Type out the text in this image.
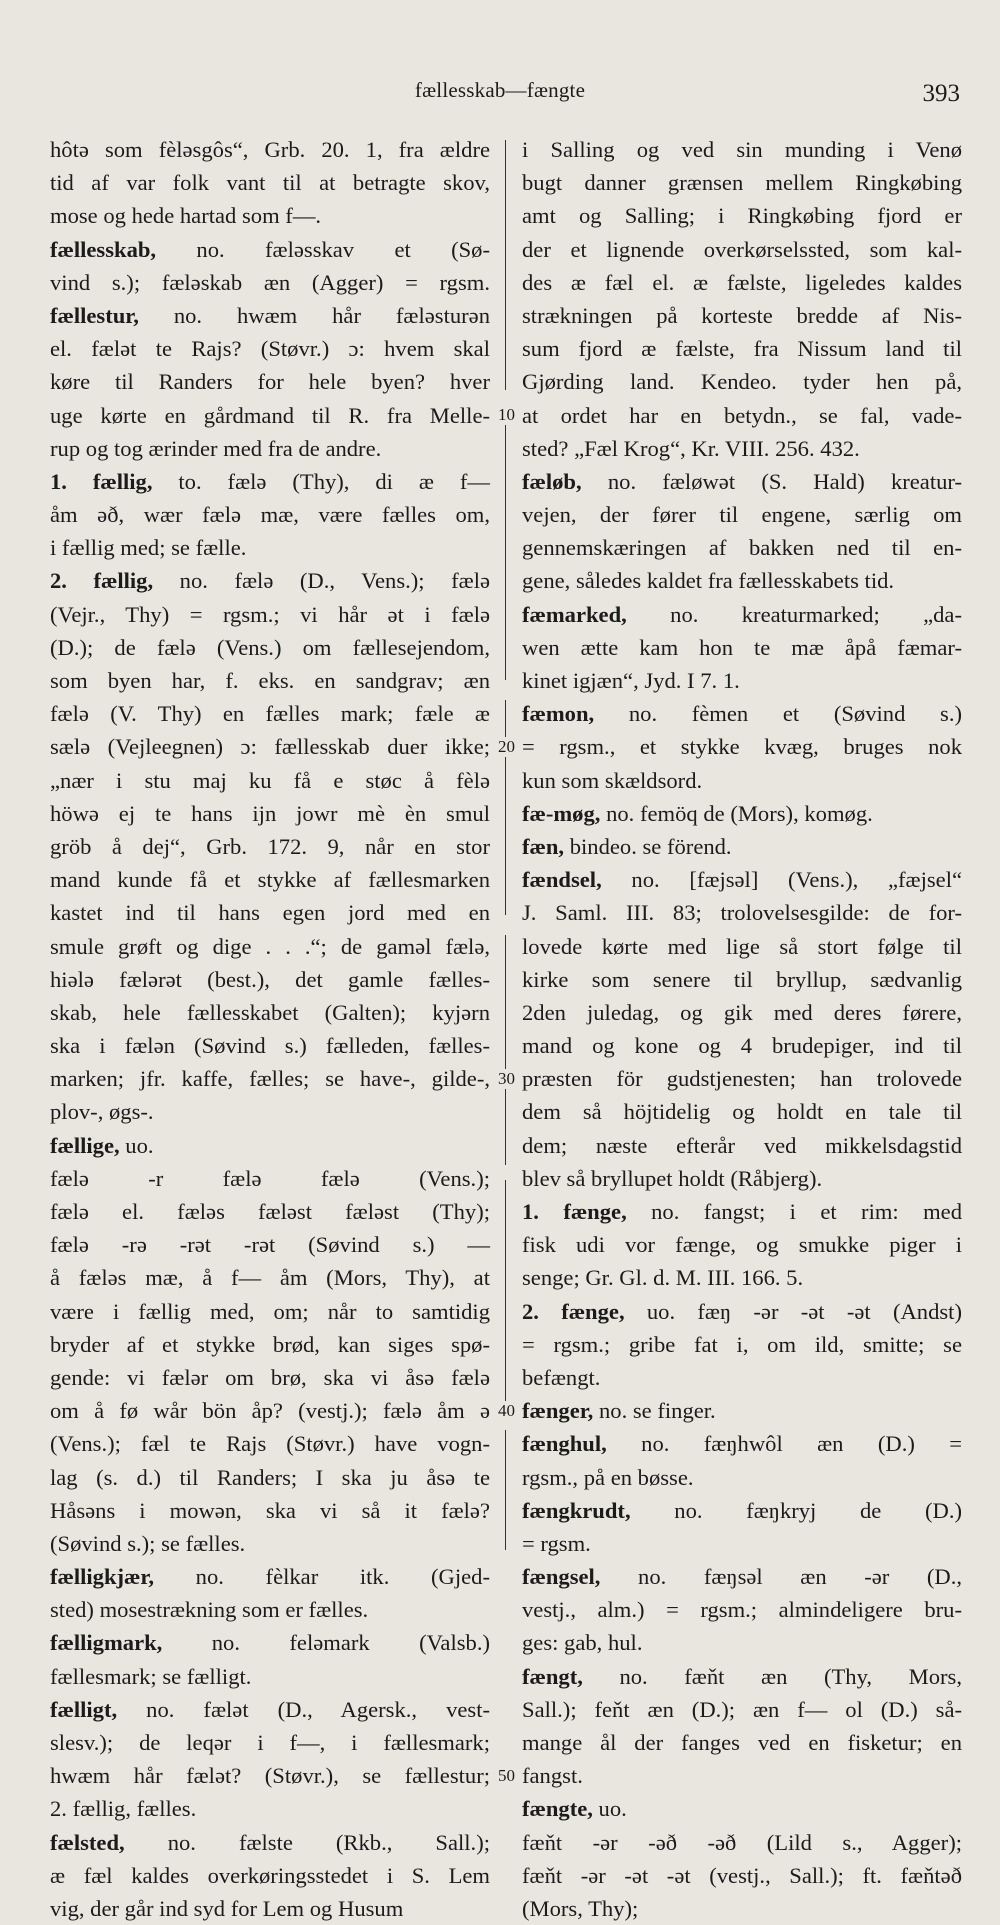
fællesskab—fængte	393
hôtə som fèləsgôs“, Grb. 20. 1, fra ældre
tid af var folk vant til at betragte skov,
mose og hede hartad som f—.
fællesskab, no. fæləsskav et (Sø-
vind s.); fæləskab æn (Agger) = rgsm.
fællestur, no. hwæm hår fæləsturən
el. fælət te Rajs? (Støvr.) ɔ: hvem skal
køre til Randers for hele byen? hver
uge kørte en gårdmand til R. fra Melle-
rup og tog ærinder med fra de andre.
1. fællig, to. fælə (Thy), di æ f—
åm əð, wær fælə mæ, være fælles om,
i fællig med; se fælle.
2. fællig, no. fælə (D., Vens.); fælə
(Vejr., Thy) = rgsm.; vi hår ət i fælə
(D.); de fælə (Vens.) om fællesejendom,
som byen har, f. eks. en sandgrav; æn
fælə (V. Thy) en fælles mark; fæle æ
sælə (Vejleegnen) ɔ: fællesskab duer ikke;
„nær i stu maj ku få e støc å fèlə
höwə ej te hans ijn jowr mè èn smul
gröb å dej“, Grb. 172. 9, når en stor
mand kunde få et stykke af fællesmarken
kastet ind til hans egen jord med en
smule grøft og dige . . .“; de gaməl fælə,
hiələ fælərət (best.), det gamle fælles-
skab, hele fællesskabet (Galten); kyjərn
ska i fælən (Søvind s.) fælleden, fælles-
marken; jfr. kaffe, fælles; se have-, gilde-,
plov-, øgs-.
fællige, uo.
fælə -r fælə fælə (Vens.);
fælə el. fæləs fæləst fæləst (Thy);
fælə -rə -rət -rət (Søvind s.) —
å fæləs mæ, å f— åm (Mors, Thy), at
være i fællig med, om; når to samtidig
bryder af et stykke brød, kan siges spø-
gende: vi fælər om brø, ska vi åsə fælə
om å fø wår bön åp? (vestj.); fælə åm ə
(Vens.); fæl te Rajs (Støvr.) have vogn-
lag (s. d.) til Randers; I ska ju åsə te
Håsəns i mowən, ska vi så it fælə?
(Søvind s.); se fælles.
fælligkjær, no. fèlkar itk. (Gjed-
sted) mosestrækning som er fælles.
fælligmark, no. feləmark (Valsb.)
fællesmark; se fælligt.
fælligt, no. fælət (D., Agersk., vest-
slesv.); de leqər i f—, i fællesmark;
hwæm hår fælət? (Støvr.), se fællestur;
2. fællig, fælles.
fælsted, no. fælste (Rkb., Sall.);
æ fæl kaldes overkøringsstedet i S. Lem
vig, der går ind syd for Lem og Husum
i Salling og ved sin munding i Venø
bugt danner grænsen mellem Ringkøbing
amt og Salling; i Ringkøbing fjord er
der et lignende overkørselssted, som kal-
des æ fæl el. æ fælste, ligeledes kaldes
strækningen på korteste bredde af Nis-
sum fjord æ fælste, fra Nissum land til
Gjørding land. Kendeo. tyder hen på,
at ordet har en betydn., se fal, vade-
sted? „Fæl Krog“, Kr. VIII. 256. 432.
fæløb, no. fæløwət (S. Hald) kreatur-
vejen, der fører til engene, særlig om
gennemskæringen af bakken ned til en-
gene, således kaldet fra fællesskabets tid.
fæmarked, no. kreaturmarked; „da-
wen ætte kam hon te mæ åpå fæmar-
kinet igjæn“, Jyd. I 7. 1.
fæmon, no. fèmen et (Søvind s.)
= rgsm., et stykke kvæg, bruges nok
kun som skældsord.
fæ-møg, no. femöq de (Mors), komøg.
fæn, bindeo. se förend.
fændsel, no. [fæjsəl] (Vens.), „fæjsel“
J. Saml. III. 83; trolovelsesgilde: de for-
lovede kørte med lige så stort følge til
kirke som senere til bryllup, sædvanlig
2den juledag, og gik med deres førere,
mand og kone og 4 brudepiger, ind til
præsten för gudstjenesten; han trolovede
dem så höjtidelig og holdt en tale til
dem; næste efterår ved mikkelsdagstid
blev så bryllupet holdt (Råbjerg).
1. fænge, no. fangst; i et rim: med
fisk udi vor fænge, og smukke piger i
senge; Gr. Gl. d. M. III. 166. 5.
2. fænge, uo. fæŋ -ər -ət -ət (Andst)
= rgsm.; gribe fat i, om ild, smitte; se
befængt.
fænger, no. se finger.
fænghul, no. fæŋhwôl æn (D.) =
rgsm., på en bøsse.
fængkrudt, no. fæŋkryj de (D.)
= rgsm.
fængsel, no. fæŋsəl æn -ər (D.,
vestj., alm.) = rgsm.; almindeligere bru-
ges: gab, hul.
fængt, no. fæňt æn (Thy, Mors,
Sall.); feňt æn (D.); æn f— ol (D.) så-
mange ål der fanges ved en fisketur; en
fangst.
fængte, uo.
fæňt -ər -əð -əð (Lild s., Agger);
fæňt -ər -ət -ət (vestj., Sall.); ft. fæňtəð
(Mors, Thy);
10
20
30
40
50
